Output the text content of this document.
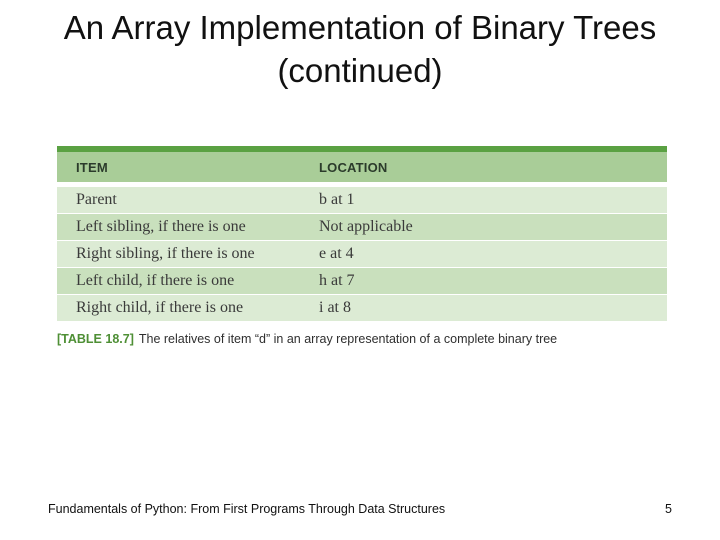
An Array Implementation of Binary Trees (continued)
ITEM	LOCATION
Parent	b at 1
Left sibling, if there is one	Not applicable
Right sibling, if there is one	e at 4
Left child, if there is one	h at 7
Right child, if there is one	i at 8
[TABLE 18.7] The relatives of item “d” in an array representation of a complete binary tree
Fundamentals of Python: From First Programs Through Data Structures	5
